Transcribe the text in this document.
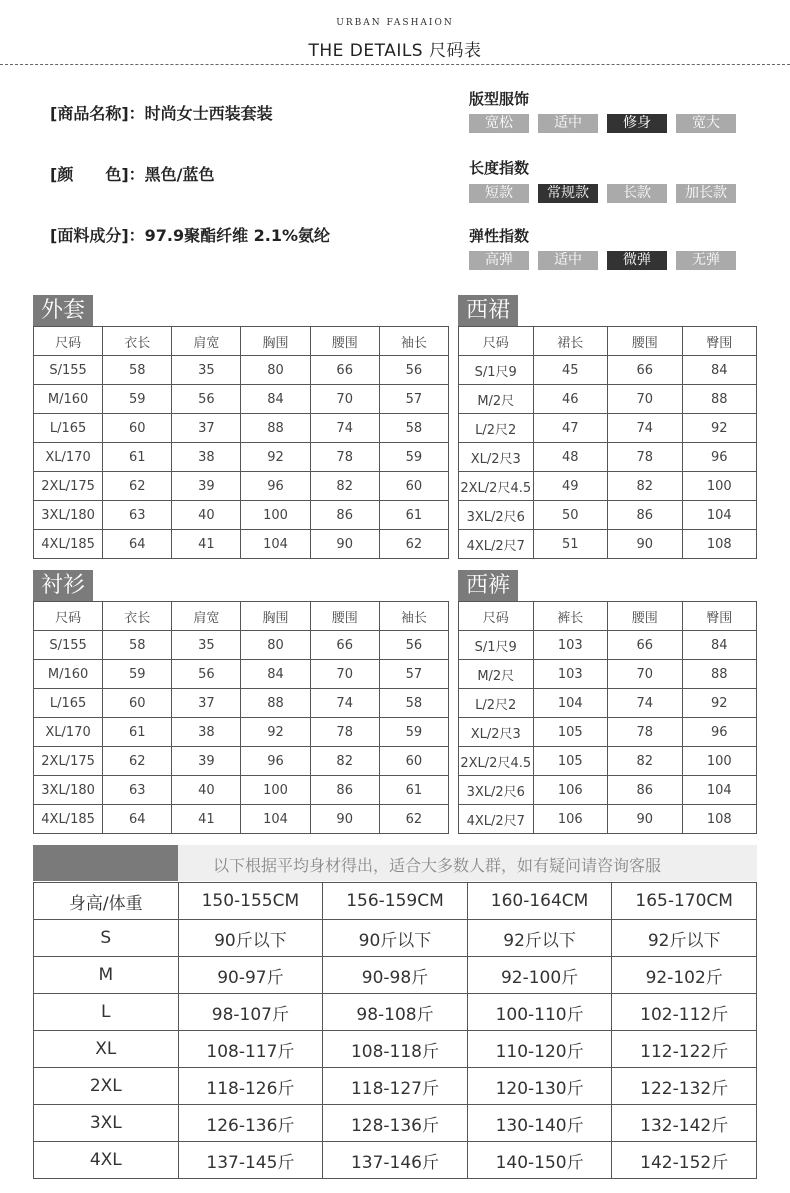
URBAN FASHAION
THE DETAILS 尺码表
[商品名称]：时尚女士西装套装
[颜　　色]：黑色/蓝色
[面料成分]：97.9聚酯纤维 2.1%氨纶
版型服饰
宽松	适中	修身	宽大
长度指数
短款	常规款	长款	加长款
弹性指数
高弹	适中	微弹	无弹
外套
尺码	衣长	肩宽	胸围	腰围	袖长
S/155	58	35	80	66	56
M/160	59	56	84	70	57
L/165	60	37	88	74	58
XL/170	61	38	92	78	59
2XL/175	62	39	96	82	60
3XL/180	63	40	100	86	61
4XL/185	64	41	104	90	62
西裙
尺码	裙长	腰围	臀围
S/1尺9	45	66	84
M/2尺	46	70	88
L/2尺2	47	74	92
XL/2尺3	48	78	96
2XL/2尺4.5	49	82	100
3XL/2尺6	50	86	104
4XL/2尺7	51	90	108
衬衫
尺码	衣长	肩宽	胸围	腰围	袖长
S/155	58	35	80	66	56
M/160	59	56	84	70	57
L/165	60	37	88	74	58
XL/170	61	38	92	78	59
2XL/175	62	39	96	82	60
3XL/180	63	40	100	86	61
4XL/185	64	41	104	90	62
西裤
尺码	裤长	腰围	臀围
S/1尺9	103	66	84
M/2尺	103	70	88
L/2尺2	104	74	92
XL/2尺3	105	78	96
2XL/2尺4.5	105	82	100
3XL/2尺6	106	86	104
4XL/2尺7	106	90	108
以下根据平均身材得出，适合大多数人群，如有疑问请咨询客服
身高/体重	150-155CM	156-159CM	160-164CM	165-170CM
S	90斤以下	90斤以下	92斤以下	92斤以下
M	90-97斤	90-98斤	92-100斤	92-102斤
L	98-107斤	98-108斤	100-110斤	102-112斤
XL	108-117斤	108-118斤	110-120斤	112-122斤
2XL	118-126斤	118-127斤	120-130斤	122-132斤
3XL	126-136斤	128-136斤	130-140斤	132-142斤
4XL	137-145斤	137-146斤	140-150斤	142-152斤
